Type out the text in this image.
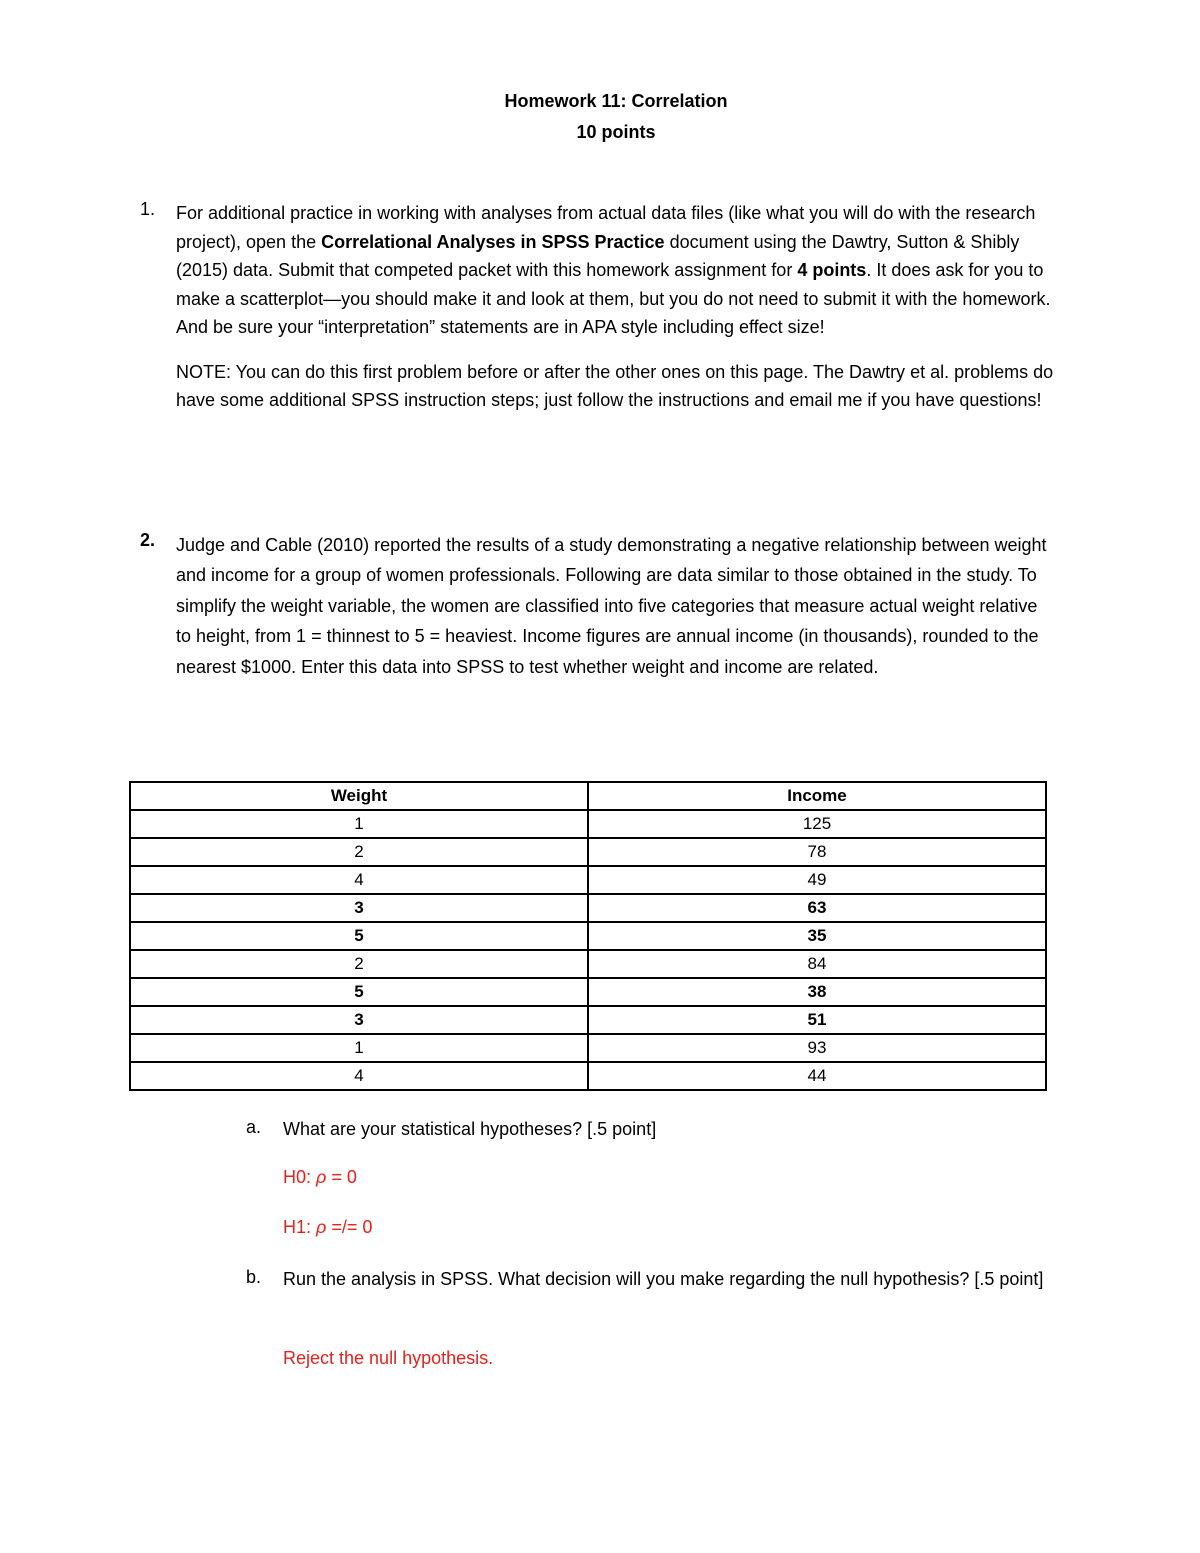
Homework 11: Correlation
10 points
1. For additional practice in working with analyses from actual data files (like what you will do with the research project), open the Correlational Analyses in SPSS Practice document using the Dawtry, Sutton & Shibly (2015) data. Submit that competed packet with this homework assignment for 4 points. It does ask for you to make a scatterplot—you should make it and look at them, but you do not need to submit it with the homework. And be sure your “interpretation” statements are in APA style including effect size!

NOTE: You can do this first problem before or after the other ones on this page. The Dawtry et al. problems do have some additional SPSS instruction steps; just follow the instructions and email me if you have questions!

2. Judge and Cable (2010) reported the results of a study demonstrating a negative relationship between weight and income for a group of women professionals. Following are data similar to those obtained in the study. To simplify the weight variable, the women are classified into five categories that measure actual weight relative to height, from 1 = thinnest to 5 = heaviest. Income figures are annual income (in thousands), rounded to the nearest $1000. Enter this data into SPSS to test whether weight and income are related.
Weight	Income
1	125
2	78
4	49
3	63
5	35
2	84
5	38
3	51
1	93
4	44
a. What are your statistical hypotheses? [.5 point]
H0: ρ = 0
H1: ρ =/= 0
b. Run the analysis in SPSS. What decision will you make regarding the null hypothesis? [.5 point]
Reject the null hypothesis.
